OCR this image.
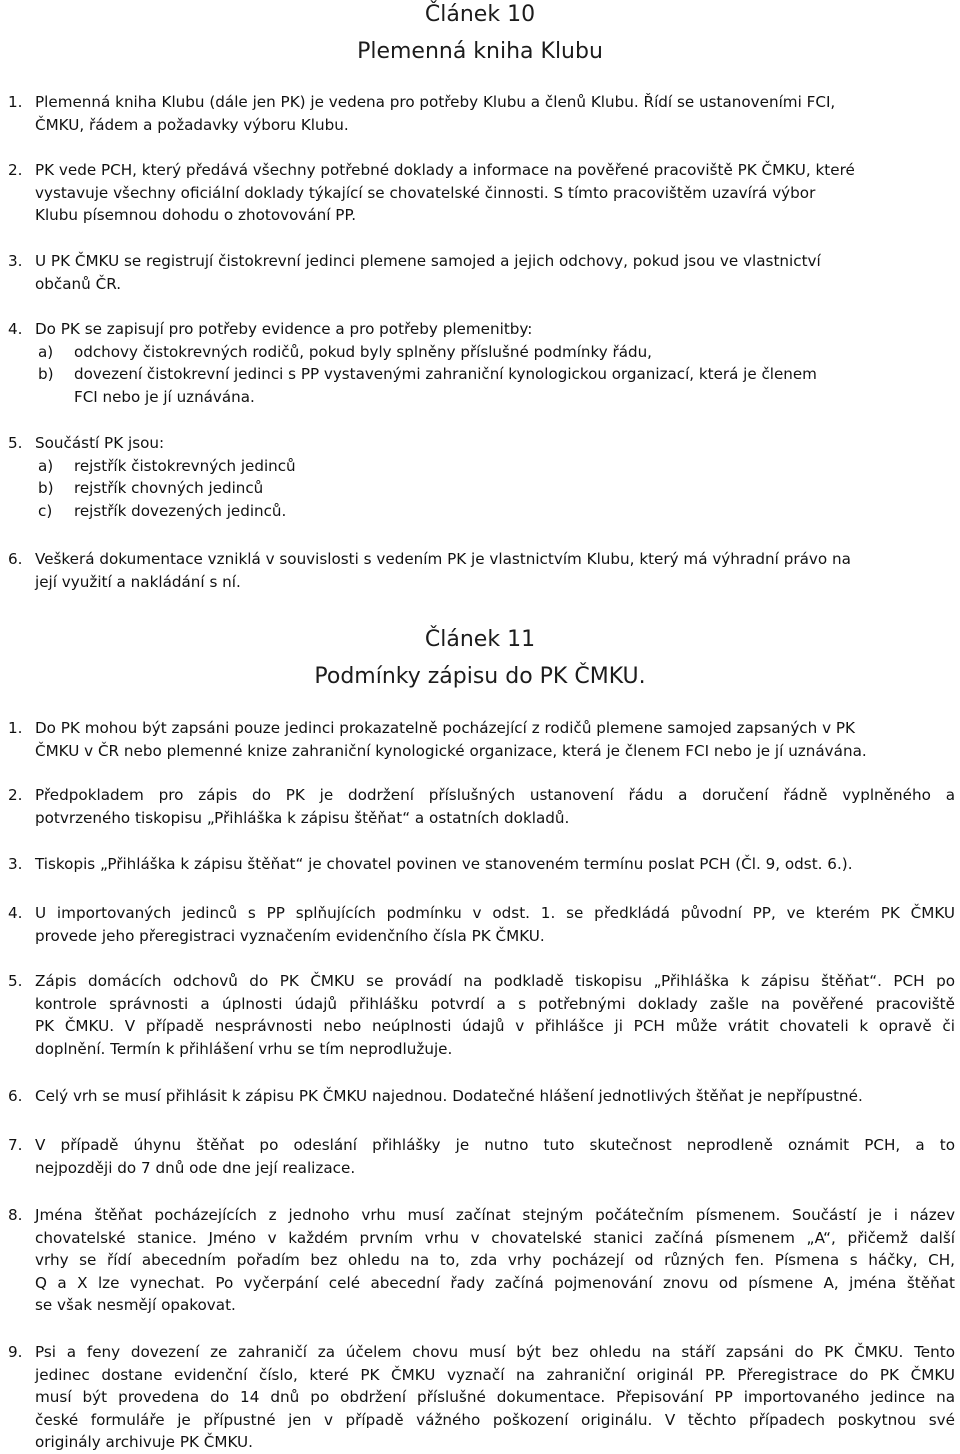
Článek 10
Plemenná kniha Klubu
1. Plemenná kniha Klubu (dále jen PK) je vedena pro potřeby Klubu a členů Klubu. Řídí se ustanoveními FCI,
ČMKU, řádem a požadavky výboru Klubu.
2. PK vede PCH, který předává všechny potřebné doklady a informace na pověřené pracoviště PK ČMKU, které
vystavuje všechny oficiální doklady týkající se chovatelské činnosti. S tímto pracovištěm uzavírá výbor
Klubu písemnou dohodu o zhotovování PP.
3. U PK ČMKU se registrují čistokrevní jedinci plemene samojed a jejich odchovy, pokud jsou ve vlastnictví
občanů ČR.
4. Do PK se zapisují pro potřeby evidence a pro potřeby plemenitby:
a)	odchovy čistokrevných rodičů, pokud byly splněny příslušné podmínky řádu,
b)	dovezení čistokrevní jedinci s PP vystavenými zahraniční kynologickou organizací, která je členem
FCI nebo je jí uznávána.
5. Součástí PK jsou:
a)	rejstřík čistokrevných jedinců
b)	rejstřík chovných jedinců
c)	rejstřík dovezených jedinců.
6. Veškerá dokumentace vzniklá v souvislosti s vedením PK je vlastnictvím Klubu, který má výhradní právo na
její využití a nakládání s ní.
Článek 11
Podmínky zápisu do PK ČMKU.
1. Do PK mohou být zapsáni pouze jedinci prokazatelně pocházející z rodičů plemene samojed zapsaných v PK
ČMKU v ČR nebo plemenné knize zahraniční kynologické organizace, která je členem FCI nebo je jí uznávána.
2. Předpokladem pro zápis do PK je dodržení příslušných ustanovení řádu a doručení řádně vyplněného a
potvrzeného tiskopisu „Přihláška k zápisu štěňat“ a ostatních dokladů.
3. Tiskopis „Přihláška k zápisu štěňat“ je chovatel povinen ve stanoveném termínu poslat PCH (Čl. 9, odst. 6.).
4. U importovaných jedinců s PP splňujících podmínku v odst. 1. se předkládá původní PP, ve kterém PK ČMKU
provede jeho přeregistraci vyznačením evidenčního čísla PK ČMKU.
5. Zápis domácích odchovů do PK ČMKU se provádí na podkladě tiskopisu „Přihláška k zápisu štěňat“. PCH po
kontrole správnosti a úplnosti údajů přihlášku potvrdí a s potřebnými doklady zašle na pověřené pracoviště
PK ČMKU. V případě nesprávnosti nebo neúplnosti údajů v přihlášce ji PCH může vrátit chovateli k opravě či
doplnění. Termín k přihlášení vrhu se tím neprodlužuje.
6. Celý vrh se musí přihlásit k zápisu PK ČMKU najednou. Dodatečné hlášení jednotlivých štěňat je nepřípustné.
7. V případě úhynu štěňat po odeslání přihlášky je nutno tuto skutečnost neprodleně oznámit PCH, a to
nejpozději do 7 dnů ode dne její realizace.
8. Jména štěňat pocházejících z jednoho vrhu musí začínat stejným počátečním písmenem. Součástí je i název
chovatelské stanice. Jméno v každém prvním vrhu v chovatelské stanici začíná písmenem „A“, přičemž další
vrhy se řídí abecedním pořadím bez ohledu na to, zda vrhy pocházejí od různých fen. Písmena s háčky, CH,
Q a X lze vynechat. Po vyčerpání celé abecední řady začíná pojmenování znovu od písmene A, jména štěňat
se však nesmějí opakovat.
9. Psi a feny dovezení ze zahraničí za účelem chovu musí být bez ohledu na stáří zapsáni do PK ČMKU. Tento
jedinec dostane evidenční číslo, které PK ČMKU vyznačí na zahraniční originál PP. Přeregistrace do PK ČMKU
musí být provedena do 14 dnů po obdržení příslušné dokumentace. Přepisování PP importovaného jedince na
české formuláře je přípustné jen v případě vážného poškození originálu. V těchto případech poskytnou své
originály archivuje PK ČMKU.
